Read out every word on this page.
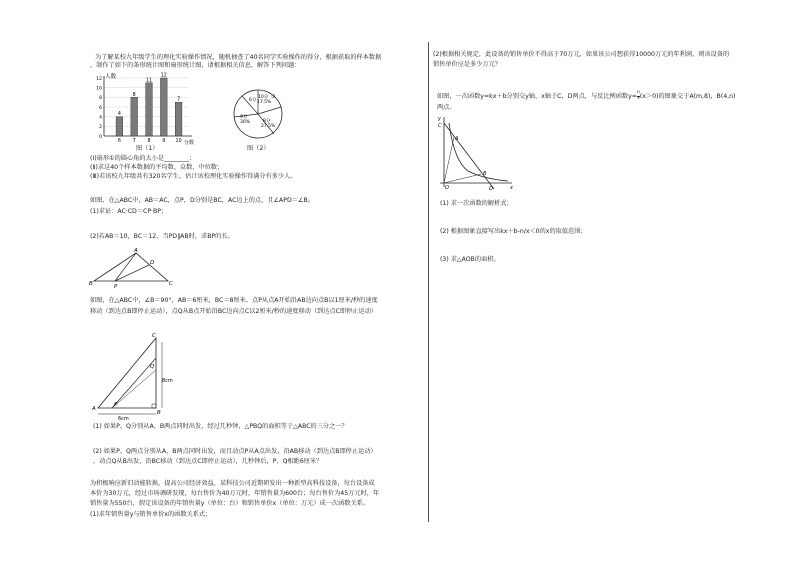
为了解某校九年级学生的理化实验操作情况，随机抽查了40名同学实验操作的得分，根据获取的样本数据
，制作了如下的条形统计图和扇形统计图，请根据相关信息，解答下列问题：
人数
分数
0
2
4
6
8
10
12
4
6
8
7
11
8
12
9
7
10
图（1）
6分
10分
17.5%
①
9分
30%	8分
27.5%
图（2）
(Ⅰ)扇形①的圆心角的大小是________；
(Ⅱ)求这40个样本数据的平均数、众数、中位数；
(Ⅲ)若该校九年级共有320名学生，估计该校理化实验操作得满分有多少人。
如图，在△ABC中，AB＝AC，点P，D分别是BC，AC边上的点，且∠APD＝∠B。
(1)求证：AC·CD＝CP·BP；
(2)若AB＝10，BC＝12，当PD∥AB时，求BP的长。
A
B	C
D
P
如图，在△ABC中，∠B＝90°，AB＝6厘米，BC＝8厘米，点P从点A开始沿AB边向点B以1厘米/秒的速度
移动（到达点B即停止运动），点Q从B点开始沿BC边向点C以2厘米/秒的速度移动（到达点C即停止运动）
C
A
B
P
Q
8cm
6cm
(1) 如果P、Q分别从A、B两点同时出发，经过几秒钟，△PBQ的面积等于△ABC的三分之一？
(2) 如果P、Q两点分别从A、B两点同时出发，而且动点P从A点出发，沿AB移动（到达点B即停止运动）
，动点Q从B出发，沿BC移动（到达点C即停止运动），几秒钟后，P、Q相距6厘米？
为积极响应新旧动能转换，提高公司经济效益，某科技公司近期研发出一种新型高科技设备，每台设备成
本价为30万元，经过市场调研发现，每台售价为40万元时，年销售量为600台；每台售价为45万元时，年
销售量为550台，假定该设备的年销售量y（单位：台）和销售单价x（单位：万元）成一次函数关系。
(1)求年销售量y与销售单价x的函数关系式；
(2)根据相关规定，此设备的销售单价不得高于70万元，如果该公司想获得10000万元的年利润，则该设备的
销售单价应是多少万元？
如图，一次函数y=kx＋b分别交y轴、x轴于C，D两点，与反比例函数$y= \frac{n}{x} (x>0)$的图象交于A(m,8)，B(4,n)
两点。
y
x
O
C
A
B
D
(1) 求一次函数的解析式；
(2) 根据图象直接写出kx＋b-n/x＜0的x的取值范围；
(3) 求△AOB的面积。
